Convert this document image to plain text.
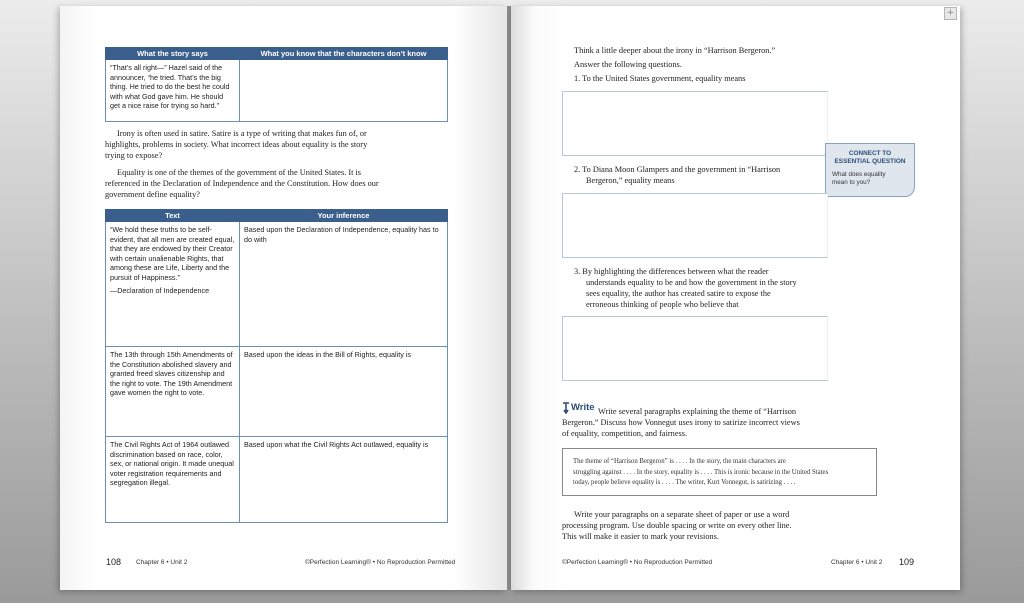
What the story says	What you know that the characters don’t know
“That’s all right—” Hazel said of the announcer, “he tried. That’s the big thing. He tried to do the best he could with what God gave him. He should get a nice raise for trying so hard.”	

Irony is often used in satire. Satire is a type of writing that makes fun of, or highlights, problems in society. What incorrect ideas about equality is the story trying to expose?

Equality is one of the themes of the government of the United States. It is referenced in the Declaration of Independence and the Constitution. How does our government define equality?

Text	Your inference

“We hold these truths to be self-evident, that all men are created equal, that they are endowed by their Creator with certain unalienable Rights, that among these are Life, Liberty and the pursuit of Happiness.”
—Declaration of Independence	Based upon the Declaration of Independence, equality has to do with
The 13th through 15th Amendments of the Constitution abolished slavery and granted freed slaves citizenship and the right to vote. The 19th Amendment gave women the right to vote.	Based upon the ideas in the Bill of Rights, equality is
The Civil Rights Act of 1964 outlawed discrimination based on race, color, sex, or national origin. It made unequal voter registration requirements and segregation illegal.	Based upon what the Civil Rights Act outlawed, equality is
108 Chapter 6 • Unit 2	©Perfection Learning® • No Reproduction Permitted
+
Think a little deeper about the irony in “Harrison Bergeron.”
Answer the following questions.
1. To the United States government, equality means
2. To Diana Moon Glampers and the government in “Harrison
Bergeron,” equality means
CONNECT TO
ESSENTIAL QUESTION
What does equality
mean to you?
3. By highlighting the differences between what the reader
understands equality to be and how the government in the story
sees equality, the author has created satire to expose the
erroneous thinking of people who believe that
Write Write several paragraphs explaining the theme of “Harrison
Bergeron.” Discuss how Vonnegut uses irony to satirize incorrect views
of equality, competition, and fairness.
The theme of “Harrison Bergeron” is . . . . In the story, the main characters are
struggling against . . . . In the story, equality is . . . . This is ironic because in the United States
today, people believe equality is . . . . The writer, Kurt Vonnegut, is satirizing . . . .
Write your paragraphs on a separate sheet of paper or use a word
processing program. Use double spacing or write on every other line.
This will make it easier to mark your revisions.
©Perfection Learning® • No Reproduction Permitted	Chapter 6 • Unit 2 109
